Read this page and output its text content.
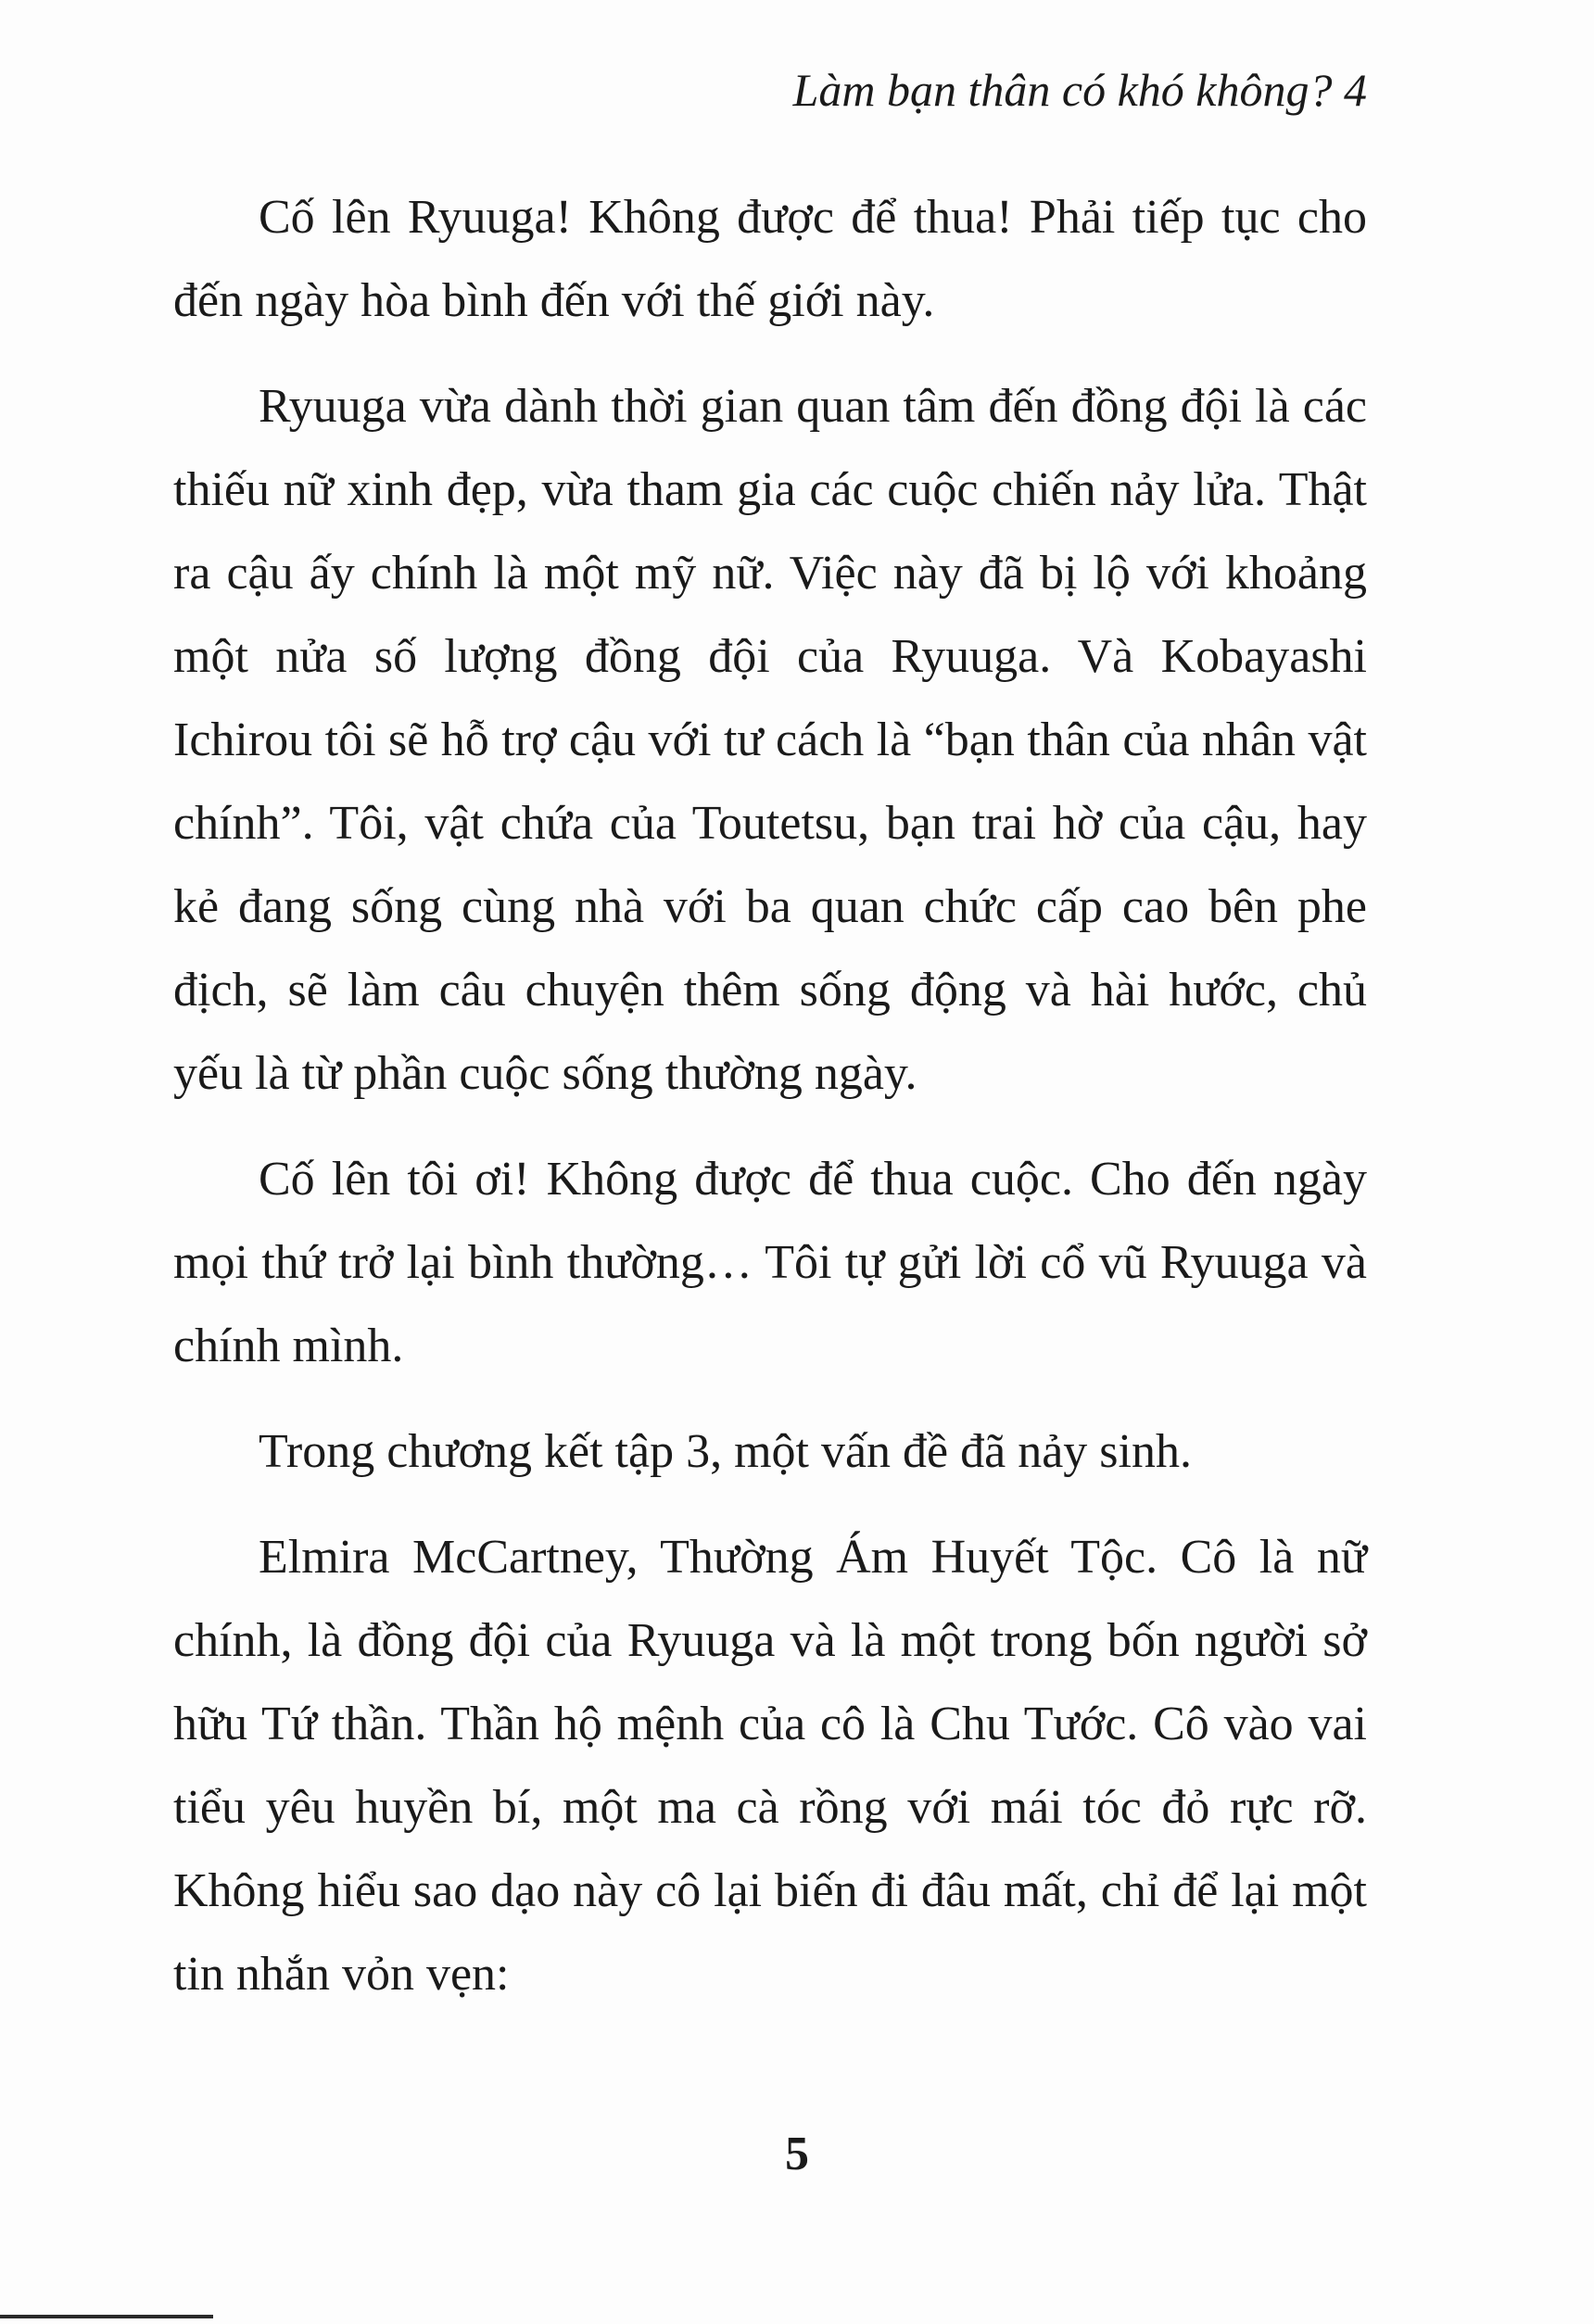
Làm bạn thân có khó không? 4

Cố lên Ryuuga! Không được để thua! Phải tiếp tục cho đến ngày hòa bình đến với thế giới này.

Ryuuga vừa dành thời gian quan tâm đến đồng đội là các thiếu nữ xinh đẹp, vừa tham gia các cuộc chiến nảy lửa. Thật ra cậu ấy chính là một mỹ nữ. Việc này đã bị lộ với khoảng một nửa số lượng đồng đội của Ryuuga. Và Kobayashi Ichirou tôi sẽ hỗ trợ cậu với tư cách là “bạn thân của nhân vật chính”. Tôi, vật chứa của Toutetsu, bạn trai hờ của cậu, hay kẻ đang sống cùng nhà với ba quan chức cấp cao bên phe địch, sẽ làm câu chuyện thêm sống động và hài hước, chủ yếu là từ phần cuộc sống thường ngày.

Cố lên tôi ơi! Không được để thua cuộc. Cho đến ngày mọi thứ trở lại bình thường… Tôi tự gửi lời cổ vũ Ryuuga và chính mình.

Trong chương kết tập 3, một vấn đề đã nảy sinh.

Elmira McCartney, Thường Ám Huyết Tộc. Cô là nữ chính, là đồng đội của Ryuuga và là một trong bốn người sở hữu Tứ thần. Thần hộ mệnh của cô là Chu Tước. Cô vào vai tiểu yêu huyền bí, một ma cà rồng với mái tóc đỏ rực rỡ. Không hiểu sao dạo này cô lại biến đi đâu mất, chỉ để lại một tin nhắn vỏn vẹn:

5
